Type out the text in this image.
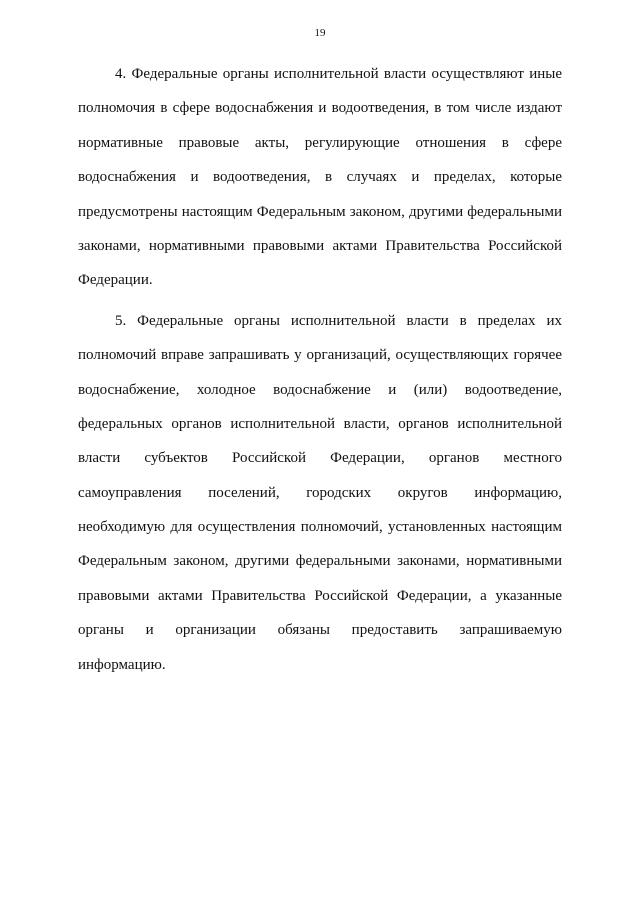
19
4. Федеральные органы исполнительной власти осуществляют иные
полномочия в сфере водоснабжения и водоотведения, в том числе издают
нормативные правовые акты, регулирующие отношения в сфере
водоснабжения и водоотведения, в случаях и пределах, которые
предусмотрены настоящим Федеральным законом, другими федеральными
законами, нормативными правовыми актами Правительства Российской
Федерации.
5. Федеральные органы исполнительной власти в пределах их
полномочий вправе запрашивать у организаций, осуществляющих горячее
водоснабжение, холодное водоснабжение и (или) водоотведение,
федеральных органов исполнительной власти, органов исполнительной
власти субъектов Российской Федерации, органов местного
самоуправления поселений, городских округов информацию,
необходимую для осуществления полномочий, установленных настоящим
Федеральным законом, другими федеральными законами, нормативными
правовыми актами Правительства Российской Федерации, а указанные
органы и организации обязаны предоставить запрашиваемую
информацию.
